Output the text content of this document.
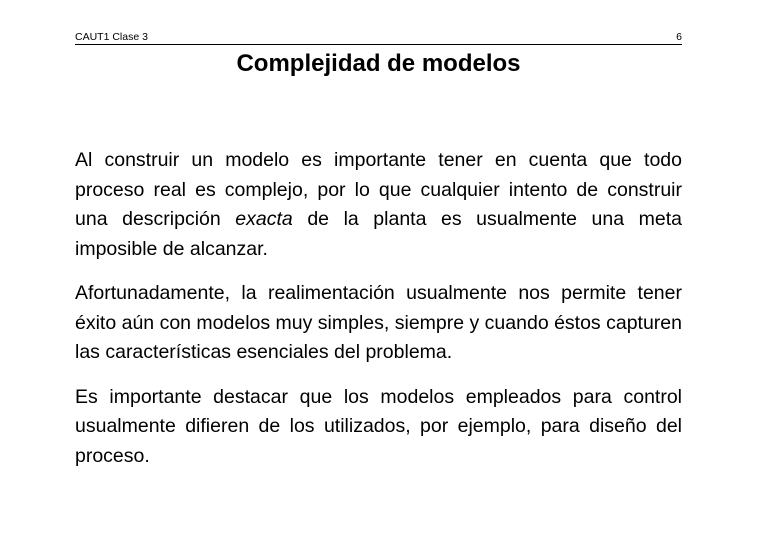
CAUT1 Clase 3	6
Complejidad de modelos

Al construir un modelo es importante tener en cuenta que todo proceso real es complejo, por lo que cualquier intento de construir una descripción exacta de la planta es usualmente una meta imposible de alcanzar.

Afortunadamente, la realimentación usualmente nos permite tener éxito aún con modelos muy simples, siempre y cuando éstos capturen las características esenciales del problema.

Es importante destacar que los modelos empleados para control usualmente difieren de los utilizados, por ejemplo, para diseño del proceso.
